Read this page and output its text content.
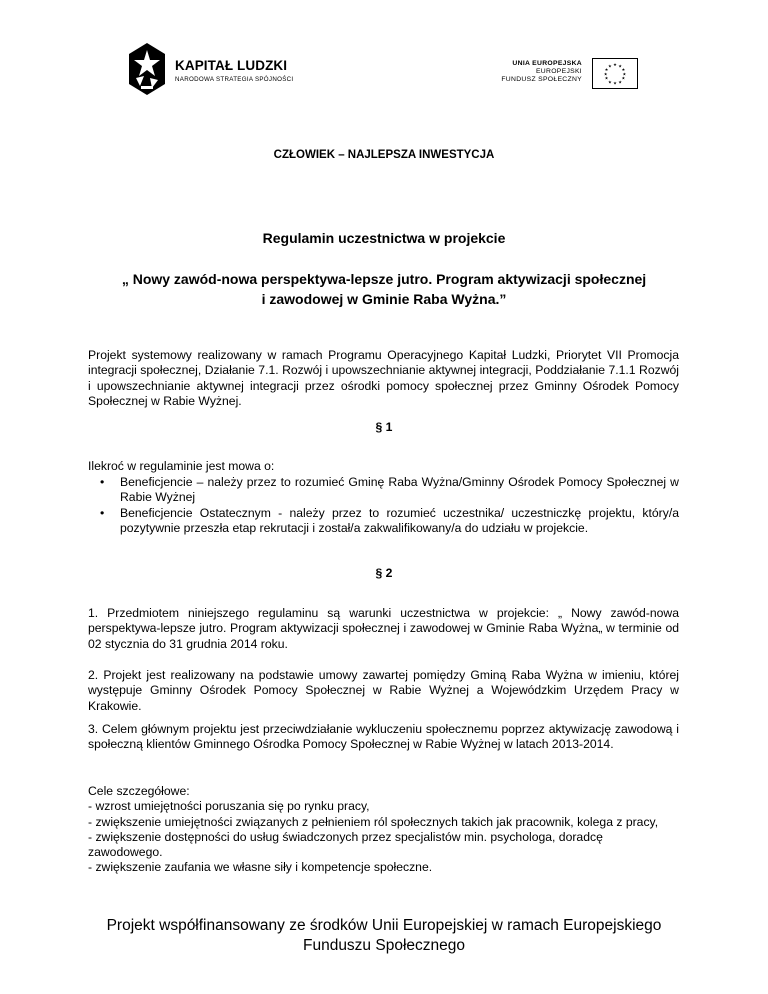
KAPITAŁ LUDZKI
NARODOWA STRATEGIA SPÓJNOŚCI
UNIA EUROPEJSKA
EUROPEJSKI
FUNDUSZ SPOŁECZNY
★ ★
★
★
★
★
★
★
★
★
★
★
CZŁOWIEK – NAJLEPSZA INWESTYCJA
Regulamin uczestnictwa w projekcie
„ Nowy zawód-nowa perspektywa-lepsze jutro. Program aktywizacji społecznej
i zawodowej w Gminie Raba Wyżna.”
Projekt systemowy realizowany w ramach Programu Operacyjnego Kapitał Ludzki, Priorytet VII Promocja integracji społecznej, Działanie 7.1. Rozwój i upowszechnianie aktywnej integracji, Poddziałanie 7.1.1 Rozwój i upowszechnianie aktywnej integracji przez ośrodki pomocy społecznej przez Gminny Ośrodek Pomocy Społecznej w Rabie Wyżnej.
§ 1
Ilekroć w regulaminie jest mowa o:
• Beneficjencie – należy przez to rozumieć Gminę Raba Wyżna/Gminny Ośrodek Pomocy Społecznej w Rabie Wyżnej
• Beneficjencie Ostatecznym - należy przez to rozumieć uczestnika/ uczestniczkę projektu, który/a pozytywnie przeszła etap rekrutacji i został/a zakwalifikowany/a do udziału w projekcie.
§ 2
1. Przedmiotem niniejszego regulaminu są warunki uczestnictwa w projekcie: „ Nowy zawód-nowa perspektywa-lepsze jutro. Program aktywizacji społecznej i zawodowej w Gminie Raba Wyżna„ w terminie od 02 stycznia do 31 grudnia 2014 roku.
2. Projekt jest realizowany na podstawie umowy zawartej pomiędzy Gminą Raba Wyżna w imieniu, której występuje Gminny Ośrodek Pomocy Społecznej w Rabie Wyżnej a Wojewódzkim Urzędem Pracy w Krakowie.
3. Celem głównym projektu jest przeciwdziałanie wykluczeniu społecznemu poprzez aktywizację zawodową i społeczną klientów Gminnego Ośrodka Pomocy Społecznej w Rabie Wyżnej w latach 2013-2014.
Cele szczegółowe:
- wzrost umiejętności poruszania się po rynku pracy,
- zwiększenie umiejętności związanych z pełnieniem ról społecznych takich jak pracownik, kolega z pracy,
- zwiększenie dostępności do usług świadczonych przez specjalistów min. psychologa, doradcę zawodowego.
- zwiększenie zaufania we własne siły i kompetencje społeczne.
Projekt współfinansowany ze środków Unii Europejskiej w ramach Europejskiego
Funduszu Społecznego
